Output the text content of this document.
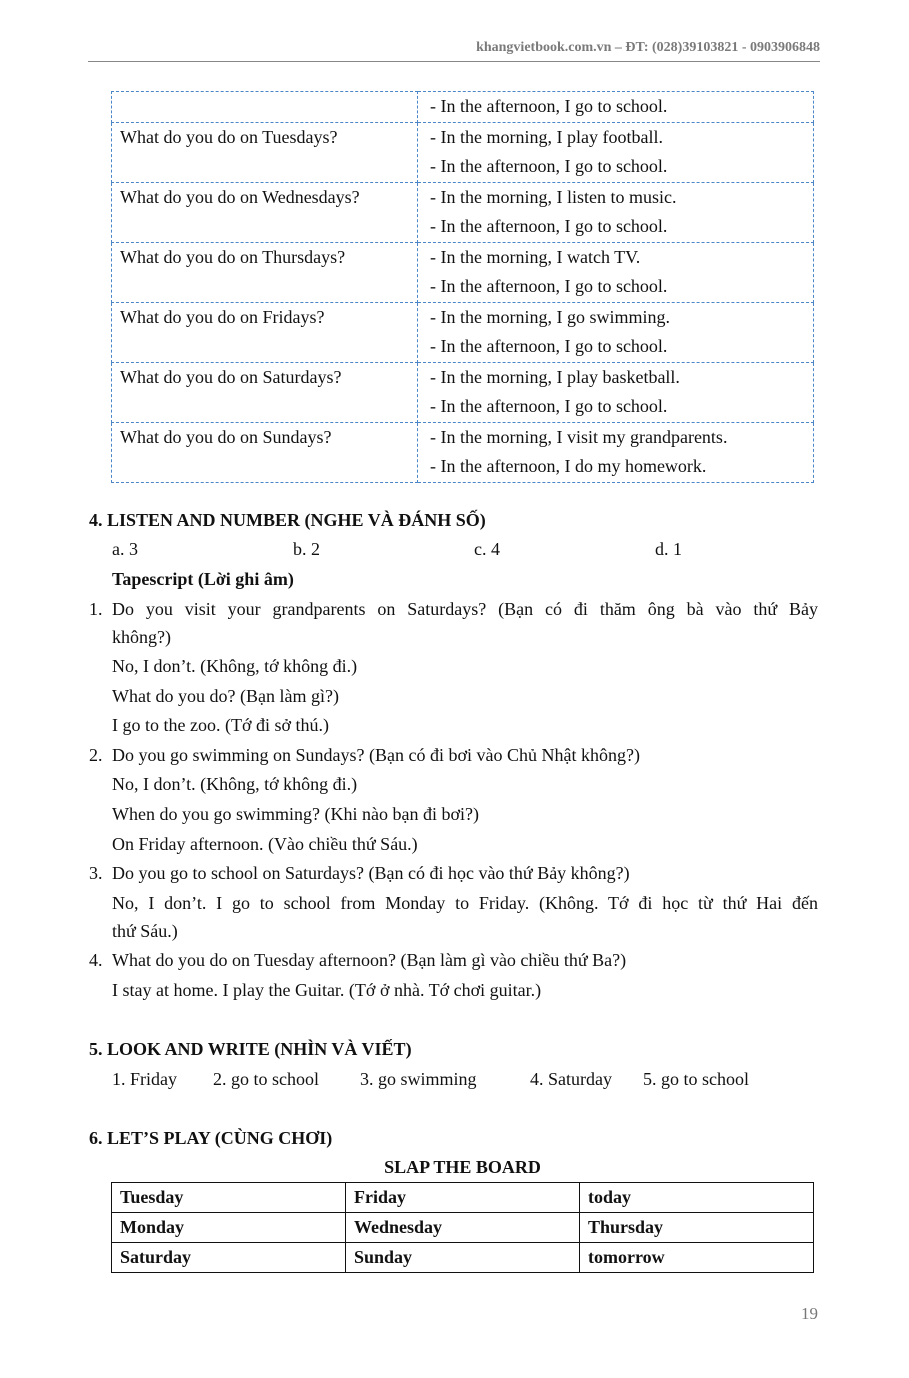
khangvietbook.com.vn – ĐT: (028)39103821 - 0903906848

	- In the afternoon, I go to school.

What do you do on Tuesdays?	- In the morning, I play football.
- In the afternoon, I go to school.

What do you do on Wednesdays?	- In the morning, I listen to music.
- In the afternoon, I go to school.

What do you do on Thursdays?	- In the morning, I watch TV.
- In the afternoon, I go to school.

What do you do on Fridays?	- In the morning, I go swimming.
- In the afternoon, I go to school.

What do you do on Saturdays?	- In the morning, I play basketball.
- In the afternoon, I go to school.

What do you do on Sundays?	- In the morning, I visit my grandparents.
- In the afternoon, I do my homework.
4. LISTEN AND NUMBER (NGHE VÀ ĐÁNH SỐ)
a. 3	b. 2	c. 4	d. 1
Tapescript (Lời ghi âm)
1. Do you visit your grandparents on Saturdays? (Bạn có đi thăm ông bà vào thứ Bảy
không?)
No, I don’t. (Không, tớ không đi.)
What do you do? (Bạn làm gì?)
I go to the zoo. (Tớ đi sở thú.)
2. Do you go swimming on Sundays? (Bạn có đi bơi vào Chủ Nhật không?)
No, I don’t. (Không, tớ không đi.)
When do you go swimming? (Khi nào bạn đi bơi?)
On Friday afternoon. (Vào chiều thứ Sáu.)
3. Do you go to school on Saturdays? (Bạn có đi học vào thứ Bảy không?)
No, I don’t. I go to school from Monday to Friday. (Không. Tớ đi học từ thứ Hai đến
thứ Sáu.)
4. What do you do on Tuesday afternoon? (Bạn làm gì vào chiều thứ Ba?)
I stay at home. I play the Guitar. (Tớ ở nhà. Tớ chơi guitar.)
5. LOOK AND WRITE (NHÌN VÀ VIẾT)
1. Friday 2. go to school 3. go swimming	4. Saturday 5. go to school
6. LET’S PLAY (CÙNG CHƠI)
SLAP THE BOARD
Tuesday	Friday	today
Monday	Wednesday	Thursday
Saturday	Sunday	tomorrow
19
